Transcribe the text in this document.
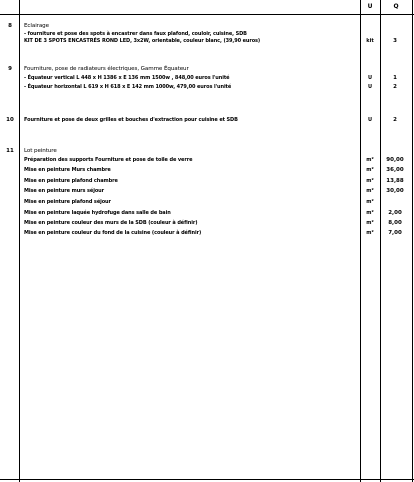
U	Q
8	Eclairage
- fourniture et pose des spots à encastrer dans faux plafond, couloir, cuisine, SDB
KIT DE 3 SPOTS ENCASTRÉS ROND LED, 3x2W, orientable, couleur blanc, (39,90 euros)	kit	3
9	Fourniture, pose de radiateurs électriques, Gamme Équateur
- Équateur vertical L 448 x H 1386 x E 136 mm 1500w , 848,00 euros l'unité	U	1
- Équateur horizontal L 619 x H 618 x E 142 mm 1000w, 479,00 euros l'unité	U	2
10	Fourniture et pose de deux grilles et bouches d'extraction pour cuisine et SDB	U	2
11	Lot peinture
Préparation des supports Fourniture et pose de toile de verre	m²	90,00
Mise en peinture Murs chambre	m²	36,00
Mise en peinture plafond chambre	m²	13,88
Mise en peinture murs séjour	m²	30,00
Mise en peinture plafond séjour	m²
Mise en peinture laquée hydrofuge dans salle de bain	m²	2,00
Mise en peinture couleur des murs de la SDB (couleur à définir)	m²	8,00
Mise en peinture couleur du fond de la cuisine (couleur à définir)	m²	7,00
